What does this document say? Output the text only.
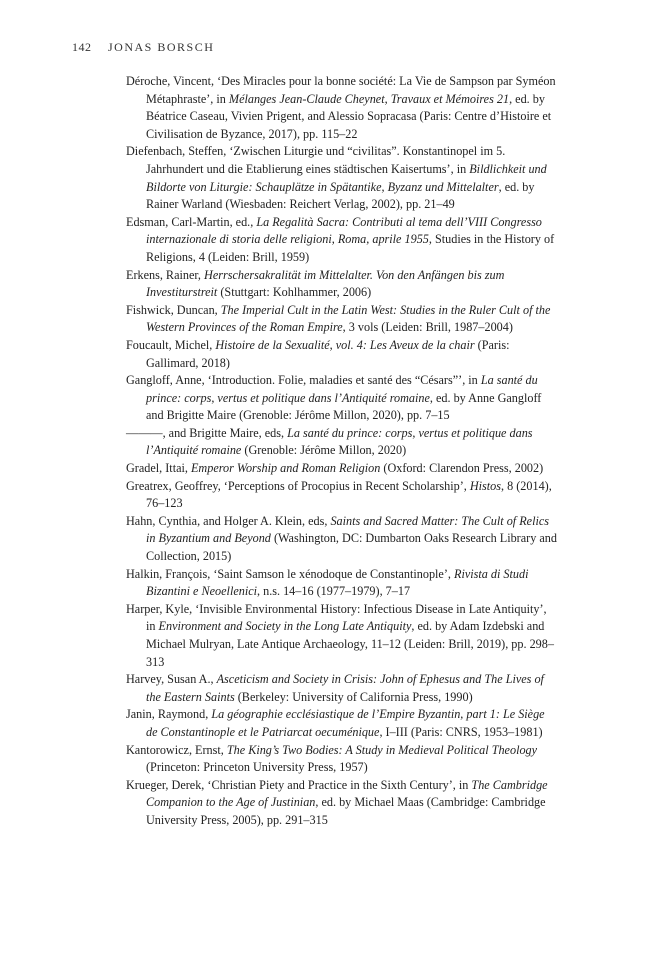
142 JONAS BORSCH

Déroche, Vincent, ‘Des Miracles pour la bonne société: La Vie de Sampson par Syméon Métaphraste’, in Mélanges Jean-Claude Cheynet, Travaux et Mémoires 21, ed. by Béatrice Caseau, Vivien Prigent, and Alessio Sopracasa (Paris: Centre d’Histoire et Civilisation de Byzance, 2017), pp. 115–22

Diefenbach, Steffen, ‘Zwischen Liturgie und “civilitas”. Konstantinopel im 5. Jahrhundert und die Etablierung eines städtischen Kaisertums’, in Bildlichkeit und Bildorte von Liturgie: Schauplätze in Spätantike, Byzanz und Mittelalter, ed. by Rainer Warland (Wiesbaden: Reichert Verlag, 2002), pp. 21–49

Edsman, Carl-Martin, ed., La Regalità Sacra: Contributi al tema dell’VIII Congresso internazionale di storia delle religioni, Roma, aprile 1955, Studies in the History of Religions, 4 (Leiden: Brill, 1959)

Erkens, Rainer, Herrschersakralität im Mittelalter. Von den Anfängen bis zum Investiturstreit (Stuttgart: Kohlhammer, 2006)

Fishwick, Duncan, The Imperial Cult in the Latin West: Studies in the Ruler Cult of the Western Provinces of the Roman Empire, 3 vols (Leiden: Brill, 1987–2004)

Foucault, Michel, Histoire de la Sexualité, vol. 4: Les Aveux de la chair (Paris: Gallimard, 2018)

Gangloff, Anne, ‘Introduction. Folie, maladies et santé des “Césars”’, in La santé du prince: corps, vertus et politique dans l’Antiquité romaine, ed. by Anne Gangloff and Brigitte Maire (Grenoble: Jérôme Millon, 2020), pp. 7–15

———, and Brigitte Maire, eds, La santé du prince: corps, vertus et politique dans l’Antiquité romaine (Grenoble: Jérôme Millon, 2020)

Gradel, Ittai, Emperor Worship and Roman Religion (Oxford: Clarendon Press, 2002)

Greatrex, Geoffrey, ‘Perceptions of Procopius in Recent Scholarship’, Histos, 8 (2014), 76–123

Hahn, Cynthia, and Holger A. Klein, eds, Saints and Sacred Matter: The Cult of Relics in Byzantium and Beyond (Washington, DC: Dumbarton Oaks Research Library and Collection, 2015)

Halkin, François, ‘Saint Samson le xénodoque de Constantinople’, Rivista di Studi Bizantini e Neoellenici, n.s. 14–16 (1977–1979), 7–17

Harper, Kyle, ‘Invisible Environmental History: Infectious Disease in Late Antiquity’, in Environment and Society in the Long Late Antiquity, ed. by Adam Izdebski and Michael Mulryan, Late Antique Archaeology, 11–12 (Leiden: Brill, 2019), pp. 298–313

Harvey, Susan A., Asceticism and Society in Crisis: John of Ephesus and The Lives of the Eastern Saints (Berkeley: University of California Press, 1990)

Janin, Raymond, La géographie ecclésiastique de l’Empire Byzantin, part 1: Le Siège de Constantinople et le Patriarcat oecuménique, I–III (Paris: CNRS, 1953–1981)

Kantorowicz, Ernst, The King’s Two Bodies: A Study in Medieval Political Theology (Princeton: Princeton University Press, 1957)

Krueger, Derek, ‘Christian Piety and Practice in the Sixth Century’, in The Cambridge Companion to the Age of Justinian, ed. by Michael Maas (Cambridge: Cambridge University Press, 2005), pp. 291–315
